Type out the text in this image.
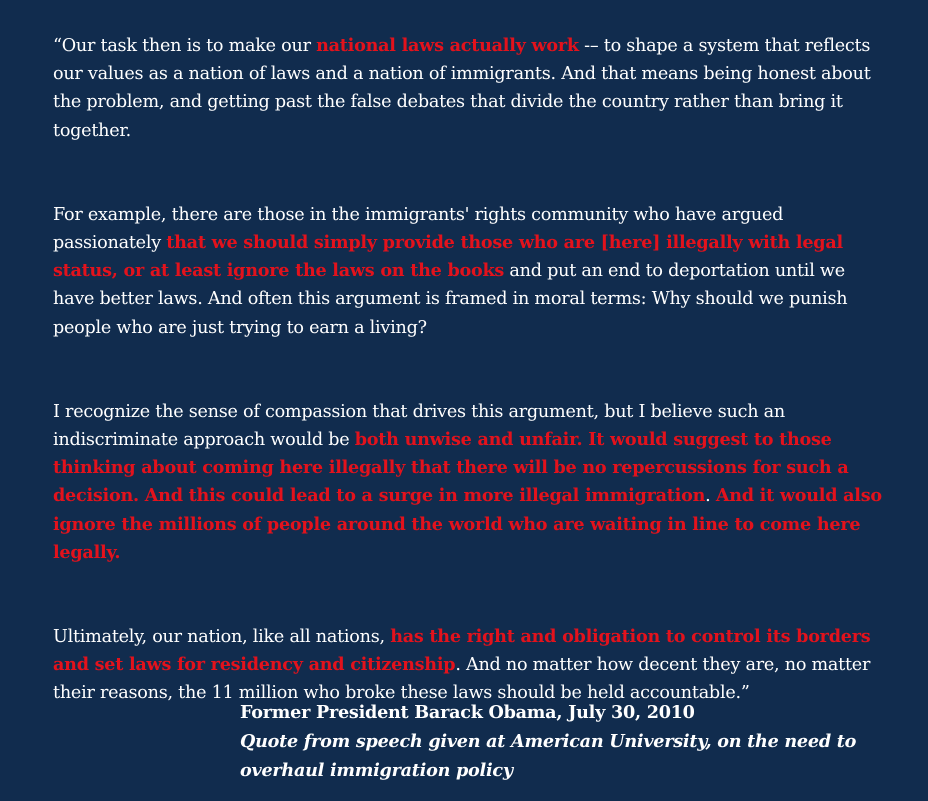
“Our task then is to make our national laws actually work -– to shape a system that reflects our values as a nation of laws and a nation of immigrants. And that means being honest about the problem, and getting past the false debates that divide the country rather than bring it together.

For example, there are those in the immigrants' rights community who have argued passionately that we should simply provide those who are [here] illegally with legal status, or at least ignore the laws on the books and put an end to deportation until we have better laws. And often this argument is framed in moral terms: Why should we punish people who are just trying to earn a living?

I recognize the sense of compassion that drives this argument, but I believe such an indiscriminate approach would be both unwise and unfair. It would suggest to those thinking about coming here illegally that there will be no repercussions for such a decision. And this could lead to a surge in more illegal immigration. And it would also ignore the millions of people around the world who are waiting in line to come here legally.

Ultimately, our nation, like all nations, has the right and obligation to control its borders and set laws for residency and citizenship. And no matter how decent they are, no matter their reasons, the 11 million who broke these laws should be held accountable.”

Former President Barack Obama, July 30, 2010
Quote from speech given at American University, on the need to overhaul immigration policy
